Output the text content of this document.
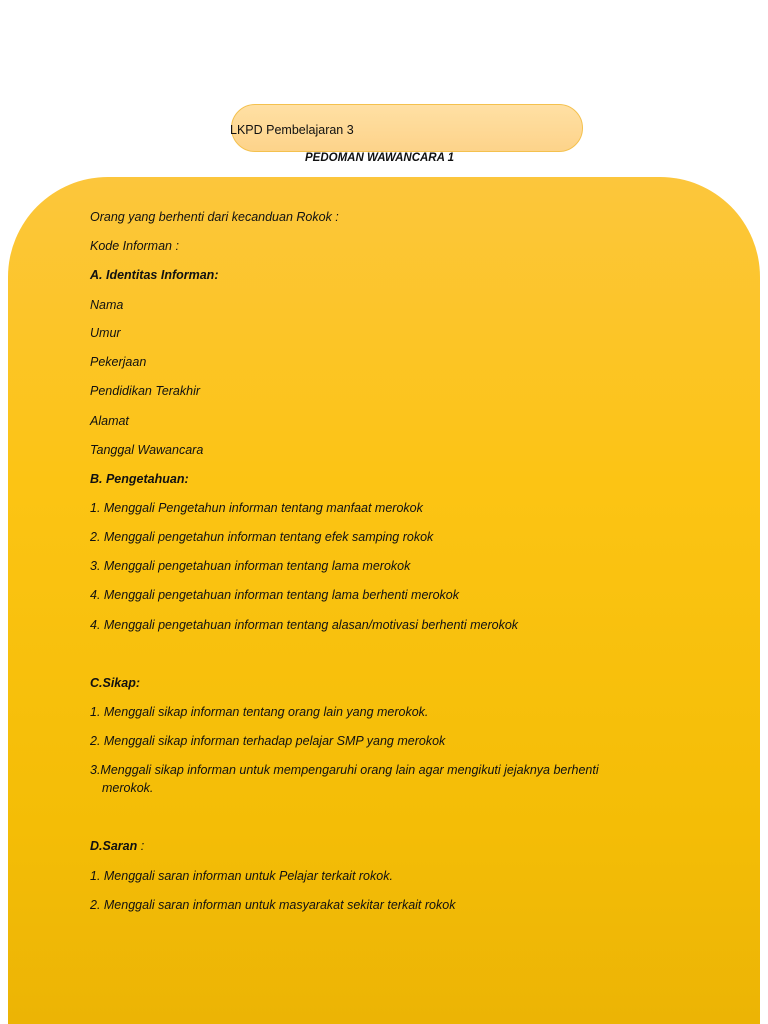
LKPD Pembelajaran 3
PEDOMAN WAWANCARA 1
Orang yang berhenti dari kecanduan Rokok :
Kode Informan :
A. Identitas Informan:
Nama
Umur
Pekerjaan
Pendidikan Terakhir
Alamat
Tanggal Wawancara
B. Pengetahuan:
1. Menggali Pengetahun informan tentang manfaat merokok
2. Menggali pengetahun informan tentang efek samping rokok
3. Menggali pengetahuan informan tentang lama merokok
4. Menggali pengetahuan informan tentang lama berhenti merokok
4. Menggali pengetahuan informan tentang alasan/motivasi berhenti merokok
C.Sikap:
1. Menggali sikap informan tentang orang lain yang merokok.
2. Menggali sikap informan terhadap pelajar SMP yang merokok
3.Menggali sikap informan untuk mempengaruhi orang lain agar mengikuti jejaknya berhenti
merokok.
D.Saran :
1. Menggali saran informan untuk Pelajar terkait rokok.
2. Menggali saran informan untuk masyarakat sekitar terkait rokok
